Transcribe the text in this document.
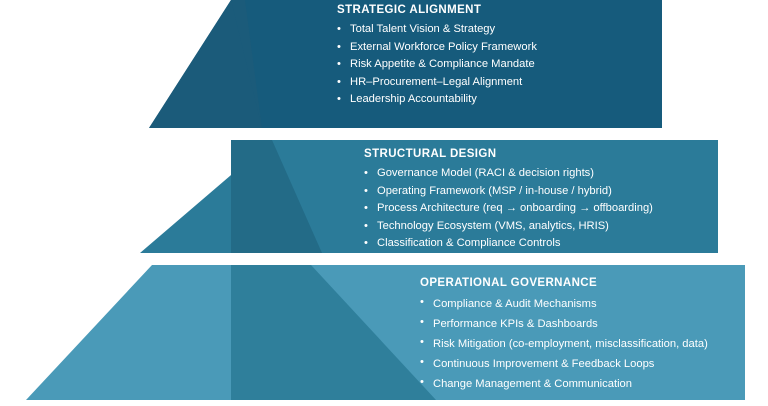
STRATEGIC ALIGNMENT
• Total Talent Vision & Strategy
• External Workforce Policy Framework
• Risk Appetite & Compliance Mandate
• HR–Procurement–Legal Alignment
• Leadership Accountability
STRUCTURAL DESIGN
• Governance Model (RACI & decision rights)
• Operating Framework (MSP / in-house / hybrid)
• Process Architecture (req → onboarding → offboarding)
• Technology Ecosystem (VMS, analytics, HRIS)
• Classification & Compliance Controls
OPERATIONAL GOVERNANCE
• Compliance & Audit Mechanisms
• Performance KPIs & Dashboards
• Risk Mitigation (co-employment, misclassification, data)
• Continuous Improvement & Feedback Loops
• Change Management & Communication
